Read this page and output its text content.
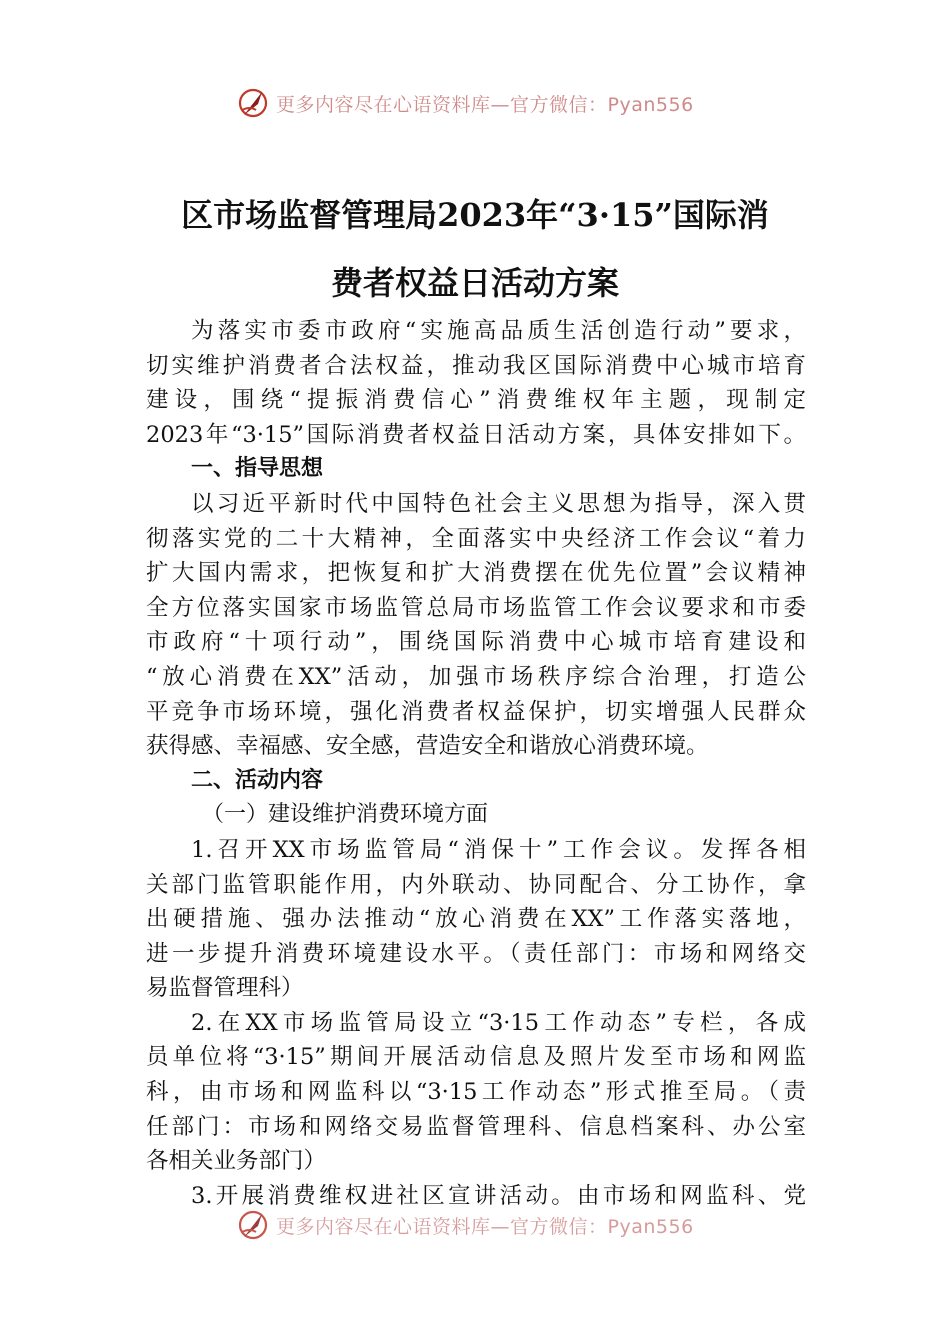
更多内容尽在心语资料库—官方微信：Pyan556
区市场监督管理局2023年“3·15”国际消
费者权益日活动方案

为落实市委市政府“实施高品质生活创造行动”要求，

切实维护消费者合法权益，推动我区国际消费中心城市培育

建设，围绕“提振消费信心”消费维权年主题，现制定

2023年“3·15”国际消费者权益日活动方案，具体安排如下。

一、指导思想

以习近平新时代中国特色社会主义思想为指导，深入贯

彻落实党的二十大精神，全面落实中央经济工作会议“着力

扩大国内需求，把恢复和扩大消费摆在优先位置”会议精神

全方位落实国家市场监管总局市场监管工作会议要求和市委

市政府“十项行动”，围绕国际消费中心城市培育建设和

“放心消费在XX”活动，加强市场秩序综合治理，打造公

平竞争市场环境，强化消费者权益保护，切实增强人民群众

获得感、幸福感、安全感，营造安全和谐放心消费环境。

二、活动内容

（一）建设维护消费环境方面

1.召开XX市场监管局“消保十”工作会议。发挥各相

关部门监管职能作用，内外联动、协同配合、分工协作，拿

出硬措施、强办法推动“放心消费在XX”工作落实落地，

进一步提升消费环境建设水平。（责任部门：市场和网络交

易监督管理科）

2.在XX市场监管局设立“3·15工作动态”专栏，各成

员单位将“3·15”期间开展活动信息及照片发至市场和网监

科，由市场和网监科以“3·15工作动态”形式推至局。（责

任部门：市场和网络交易监督管理科、信息档案科、办公室

各相关业务部门）

3.开展消费维权进社区宣讲活动。由市场和网监科、党

更多内容尽在心语资料库—官方微信：Pyan556
